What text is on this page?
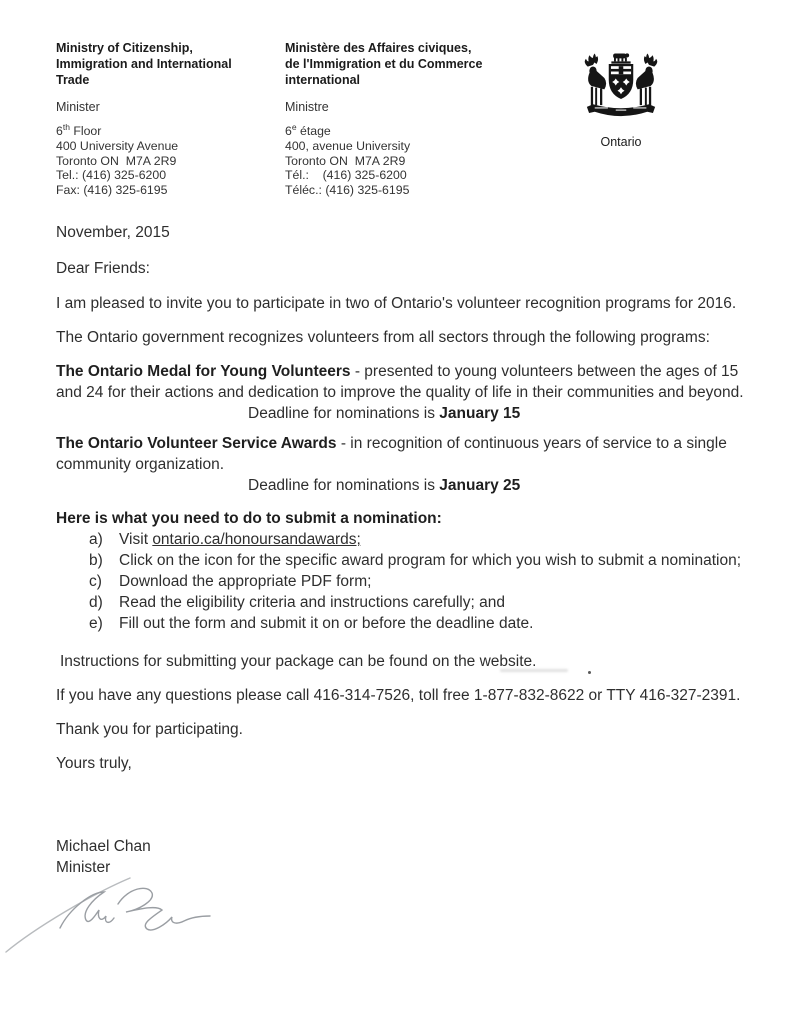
Ministry of Citizenship,
Immigration and International
Trade
Minister
6th Floor
400 University Avenue
Toronto ON  M7A 2R9
Tel.: (416) 325-6200
Fax: (416) 325-6195
Ministère des Affaires civiques,
de l'Immigration et du Commerce
international
Ministre
6e étage
400, avenue University
Toronto ON  M7A 2R9
Tél.:    (416) 325-6200
Téléc.: (416) 325-6195
Ontario

November, 2015

Dear Friends:

I am pleased to invite you to participate in two of Ontario's volunteer recognition programs for 2016.

The Ontario government recognizes volunteers from all sectors through the following programs:

The Ontario Medal for Young Volunteers - presented to young volunteers between the ages of 15 and 24 for their actions and dedication to improve the quality of life in their communities and beyond.

Deadline for nominations is January 15

The Ontario Volunteer Service Awards - in recognition of continuous years of service to a single community organization.

Deadline for nominations is January 25

Here is what you need to do to submit a nomination:

a)	Visit ontario.ca/honoursandawards;
b)	Click on the icon for the specific award program for which you wish to submit a nomination;
c)	Download the appropriate PDF form;
d)	Read the eligibility criteria and instructions carefully; and
e)	Fill out the form and submit it on or before the deadline date.

Instructions for submitting your package can be found on the website.

If you have any questions please call 416-314-7526, toll free 1-877-832-8622 or TTY 416-327-2391.

Thank you for participating.

Yours truly,

Michael Chan

Minister
